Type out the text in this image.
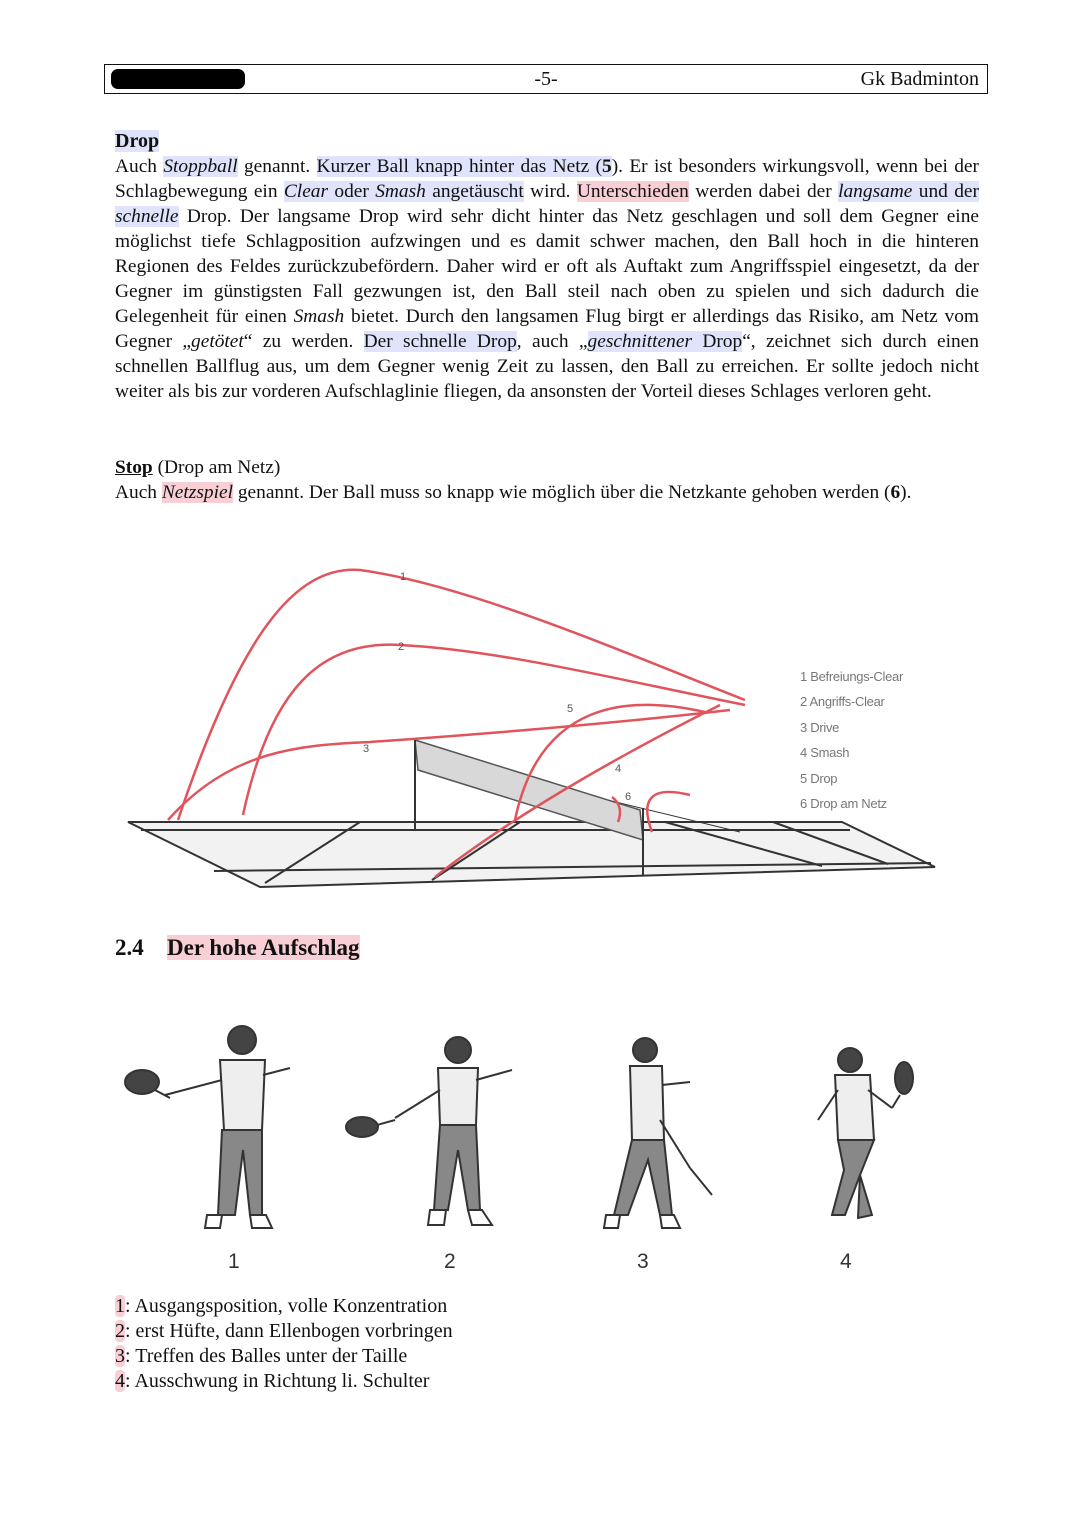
-5-	Gk Badminton
Drop
Auch Stoppball genannt. Kurzer Ball knapp hinter das Netz (5). Er ist besonders wirkungsvoll, wenn bei der Schlagbewegung ein Clear oder Smash angetäuscht wird. Unterschieden werden dabei der langsame und der schnelle Drop. Der langsame Drop wird sehr dicht hinter das Netz geschlagen und soll dem Gegner eine möglichst tiefe Schlagposition aufzwingen und es damit schwer machen, den Ball hoch in die hinteren Regionen des Feldes zurückzubefördern. Daher wird er oft als Auftakt zum Angriffsspiel eingesetzt, da der Gegner im günstigsten Fall gezwungen ist, den Ball steil nach oben zu spielen und sich dadurch die Gelegenheit für einen Smash bietet. Durch den langsamen Flug birgt er allerdings das Risiko, am Netz vom Gegner „getötet“ zu werden. Der schnelle Drop, auch „geschnittener Drop“, zeichnet sich durch einen schnellen Ballflug aus, um dem Gegner wenig Zeit zu lassen, den Ball zu erreichen. Er sollte jedoch nicht weiter als bis zur vorderen Aufschlaglinie fliegen, da ansonsten der Vorteil dieses Schlages verloren geht.
Stop (Drop am Netz)
Auch Netzspiel genannt. Der Ball muss so knapp wie möglich über die Netzkante gehoben werden (6).
1
2
3
4
5
6
1 Befreiungs-Clear
2 Angriffs-Clear
3 Drive
4 Smash
5 Drop
6 Drop am Netz
2.4 Der hohe Aufschlag
1	2	3	4
1: Ausgangsposition, volle Konzentration
2: erst Hüfte, dann Ellenbogen vorbringen
3: Treffen des Balles unter der Taille
4: Ausschwung in Richtung li. Schulter
